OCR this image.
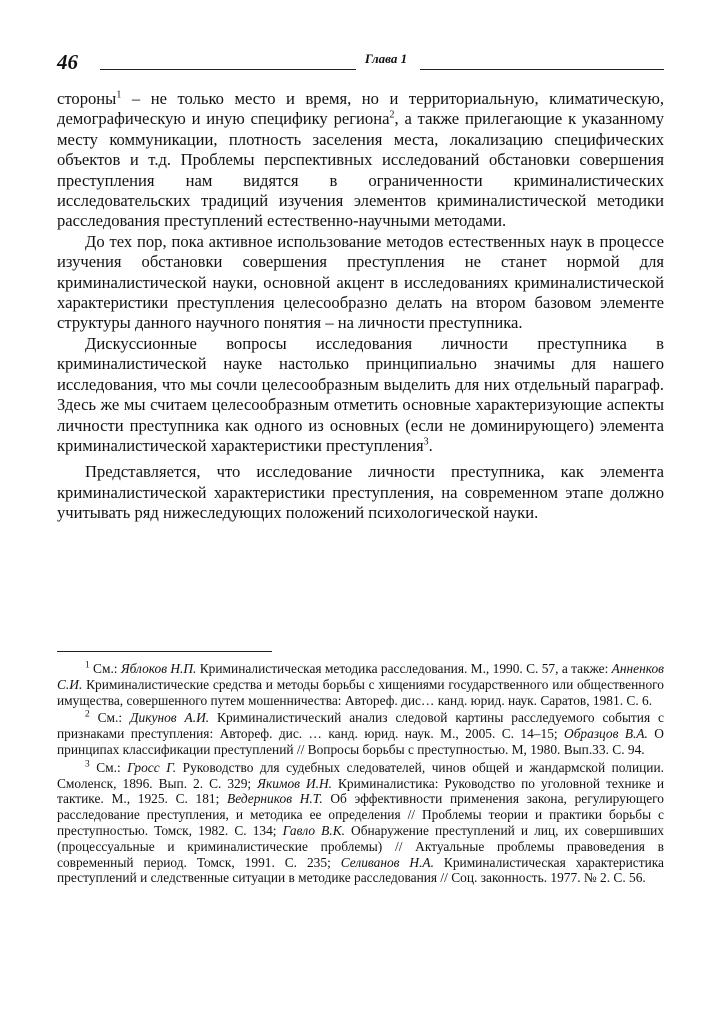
46	Глава 1

стороны$^1$ – не только место и время, но и территориальную, климатическую, демографическую и иную специфику региона$^2$, а также прилегающие к указанному месту коммуникации, плотность заселения места, локализацию специфических объектов и т.д. Проблемы перспективных исследований обстановки совершения преступления нам видятся в ограниченности криминалистических исследовательских традиций изучения элементов криминалистической методики расследования преступлений естественно-научными методами.

До тех пор, пока активное использование методов естественных наук в процессе изучения обстановки совершения преступления не станет нормой для криминалистической науки, основной акцент в исследованиях криминалистической характеристики преступления целесообразно делать на втором базовом элементе структуры данного научного понятия – на личности преступника.

Дискуссионные вопросы исследования личности преступника в криминалистической науке настолько принципиально значимы для нашего исследования, что мы сочли целесообразным выделить для них отдельный параграф. Здесь же мы считаем целесообразным отметить основные характеризующие аспекты личности преступника как одного из основных (если не доминирующего) элемента криминалистической характеристики преступления$^3$.

Представляется, что исследование личности преступника, как элемента криминалистической характеристики преступления, на современном этапе должно учитывать ряд нижеследующих положений психологической науки.

$^1$ См.: Яблоков Н.П. Криминалистическая методика расследования. М., 1990. С. 57, а также: Анненков С.И. Криминалистические средства и методы борьбы с хищениями государственного или общественного имущества, совершенного путем мошенничества: Автореф. дис… канд. юрид. наук. Саратов, 1981. С. 6.

$^2$ См.: Дикунов А.И. Криминалистический анализ следовой картины расследуемого события с признаками преступления: Автореф. дис. … канд. юрид. наук. М., 2005. С. 14–15; Образцов В.А. О принципах классификации преступлений // Вопросы борьбы с преступностью. М, 1980. Вып.33. С. 94.

$^3$ См.: Гросс Г. Руководство для судебных следователей, чинов общей и жандармской полиции. Смоленск, 1896. Вып. 2. С. 329; Якимов И.Н. Криминалистика: Руководство по уголовной технике и тактике. М., 1925. С. 181; Ведерников Н.Т. Об эффективности применения закона, регулирующего расследование преступления, и методика ее определения // Проблемы теории и практики борьбы с преступностью. Томск, 1982. С. 134; Гавло В.К. Обнаружение преступлений и лиц, их совершивших (процессуальные и криминалистические проблемы) // Актуальные проблемы правоведения в современный период. Томск, 1991. С. 235; Селиванов Н.А. Криминалистическая характеристика преступлений и следственные ситуации в методике расследования // Соц. законность. 1977. № 2. С. 56.
